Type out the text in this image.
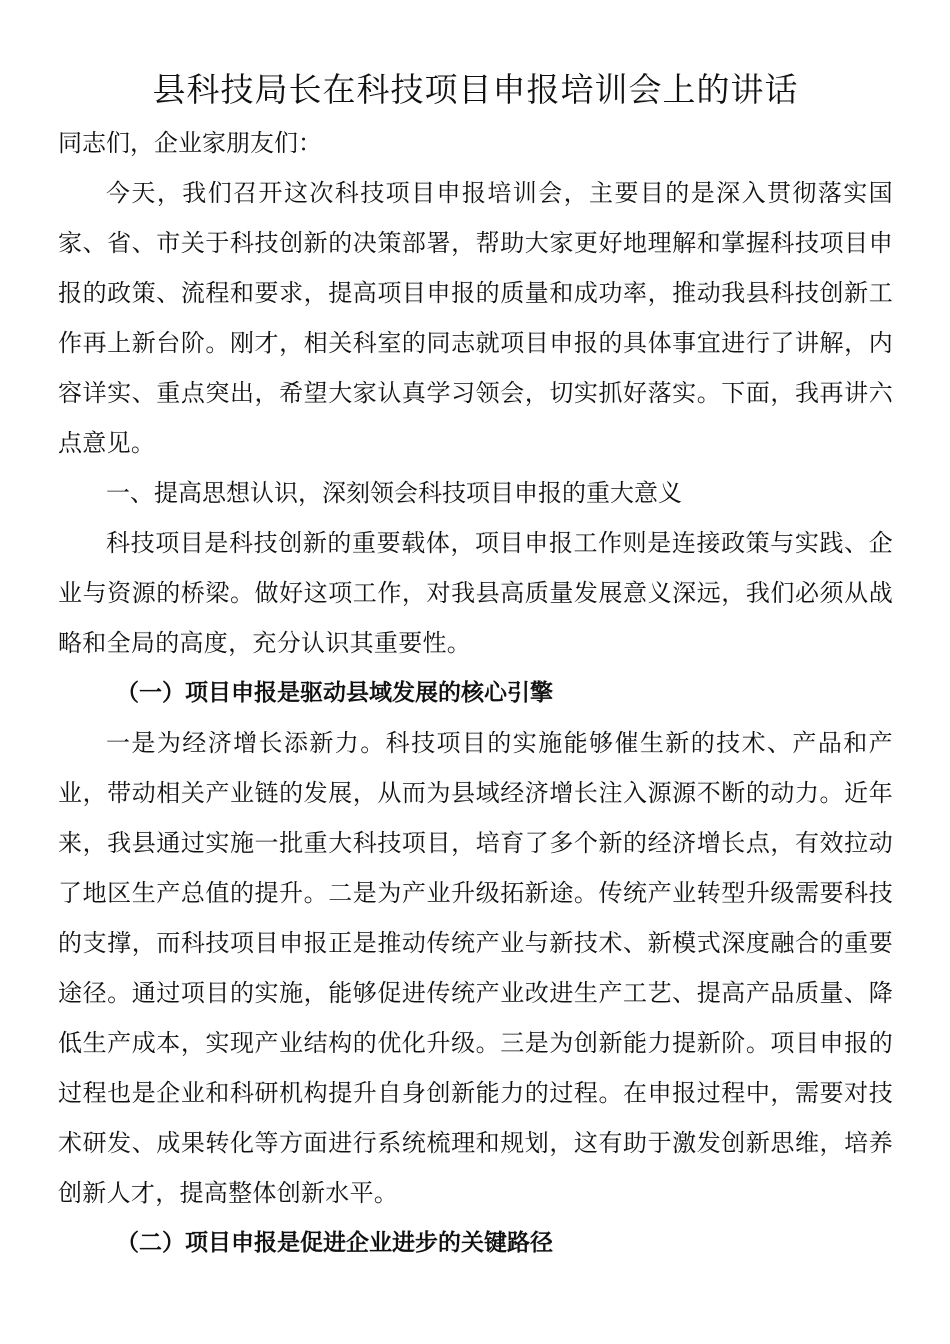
县科技局长在科技项目申报培训会上的讲话

同志们，企业家朋友们：

今天，我们召开这次科技项目申报培训会，主要目的是深入贯彻落实国家、省、市关于科技创新的决策部署，帮助大家更好地理解和掌握科技项目申报的政策、流程和要求，提高项目申报的质量和成功率，推动我县科技创新工作再上新台阶。刚才，相关科室的同志就项目申报的具体事宜进行了讲解，内容详实、重点突出，希望大家认真学习领会，切实抓好落实。下面，我再讲六点意见。

一、提高思想认识，深刻领会科技项目申报的重大意义

科技项目是科技创新的重要载体，项目申报工作则是连接政策与实践、企业与资源的桥梁。做好这项工作，对我县高质量发展意义深远，我们必须从战略和全局的高度，充分认识其重要性。

（一）项目申报是驱动县域发展的核心引擎

一是为经济增长添新力。科技项目的实施能够催生新的技术、产品和产业，带动相关产业链的发展，从而为县域经济增长注入源源不断的动力。近年来，我县通过实施一批重大科技项目，培育了多个新的经济增长点，有效拉动了地区生产总值的提升。二是为产业升级拓新途。传统产业转型升级需要科技的支撑，而科技项目申报正是推动传统产业与新技术、新模式深度融合的重要途径。通过项目的实施，能够促进传统产业改进生产工艺、提高产品质量、降低生产成本，实现产业结构的优化升级。三是为创新能力提新阶。项目申报的过程也是企业和科研机构提升自身创新能力的过程。在申报过程中，需要对技术研发、成果转化等方面进行系统梳理和规划，这有助于激发创新思维，培养创新人才，提高整体创新水平。

（二）项目申报是促进企业进步的关键路径
